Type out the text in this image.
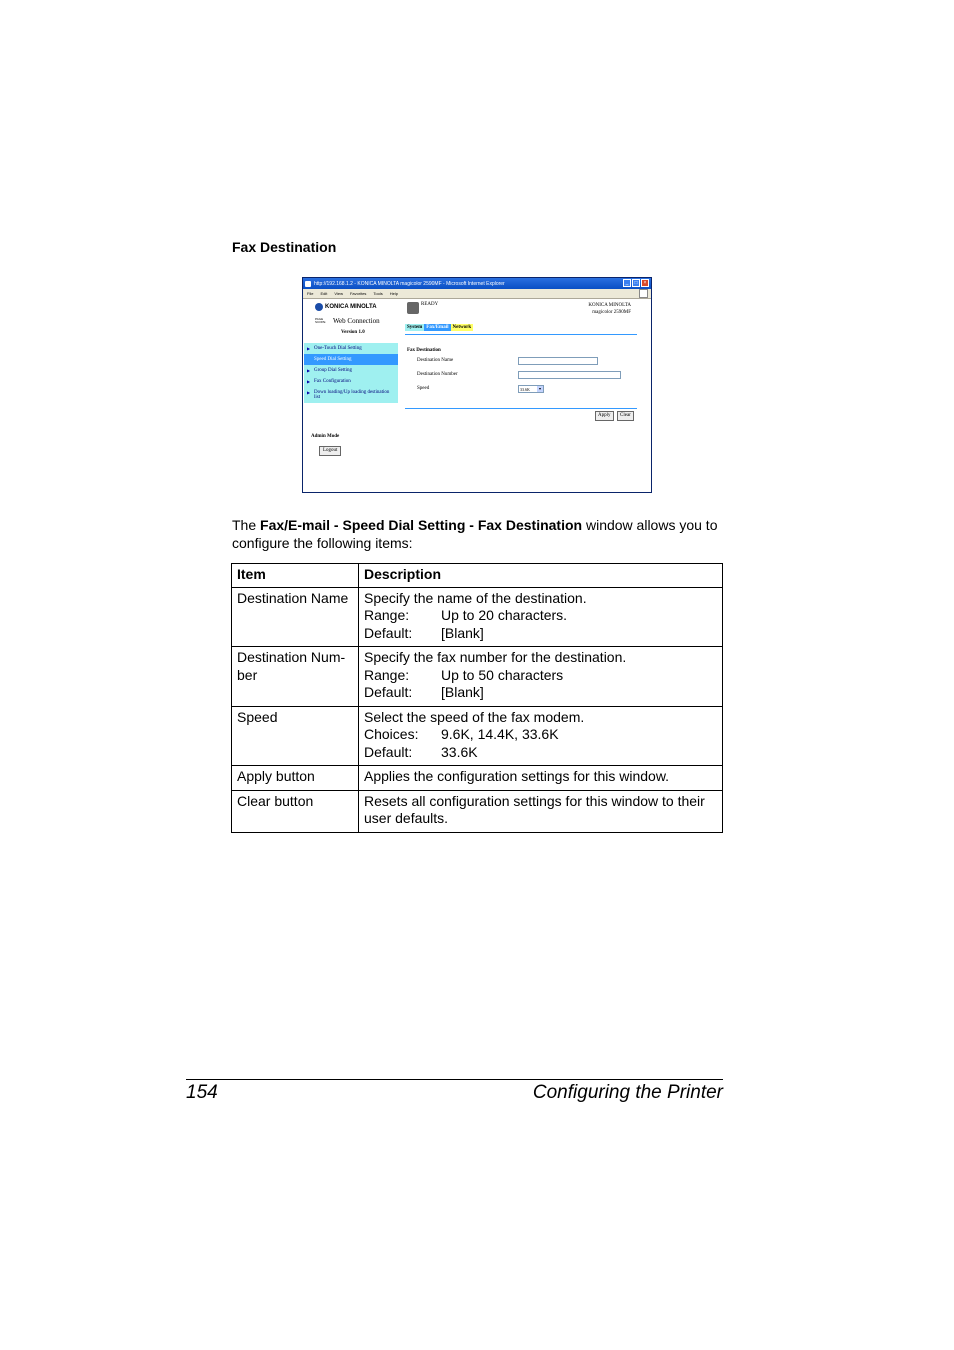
Fax Destination
http://192.168.1.2 - KONICA MINOLTA magicolor 2590MF - Microsoft Internet Explorer	_	□	×
File Edit View Favorites Tools Help
KONICA MINOLTA
PAGE SCOPE	Web Connection
Version 1.0
▶ One-Touch Dial Setting
Speed Dial Setting
▶ Group Dial Setting
▶ Fax Configuration
▶ Down loading/Up loading destination list
Admin Mode
Logout
READY	KONICA MINOLTA
magicolor 2590MF
System Fax/Email Network
Fax Destination
Destination Name
Destination Number
Speed	33.6K	▾
Apply	Clear
The Fax/E-mail - Speed Dial Setting - Fax Destination window allows you to configure the following items:
Item	Description
Destination Name	Specify the name of the destination.
Range: Up to 20 characters.
Default: [Blank]

Destination Num-ber	Specify the fax number for the destination.
Range: Up to 50 characters
Default: [Blank]

Speed	Select the speed of the fax modem.
Choices: 9.6K, 14.4K, 33.6K
Default: 33.6K

Apply button	Applies the configuration settings for this window.
Clear button	Resets all configuration settings for this window to their user defaults.
154	Configuring the Printer
